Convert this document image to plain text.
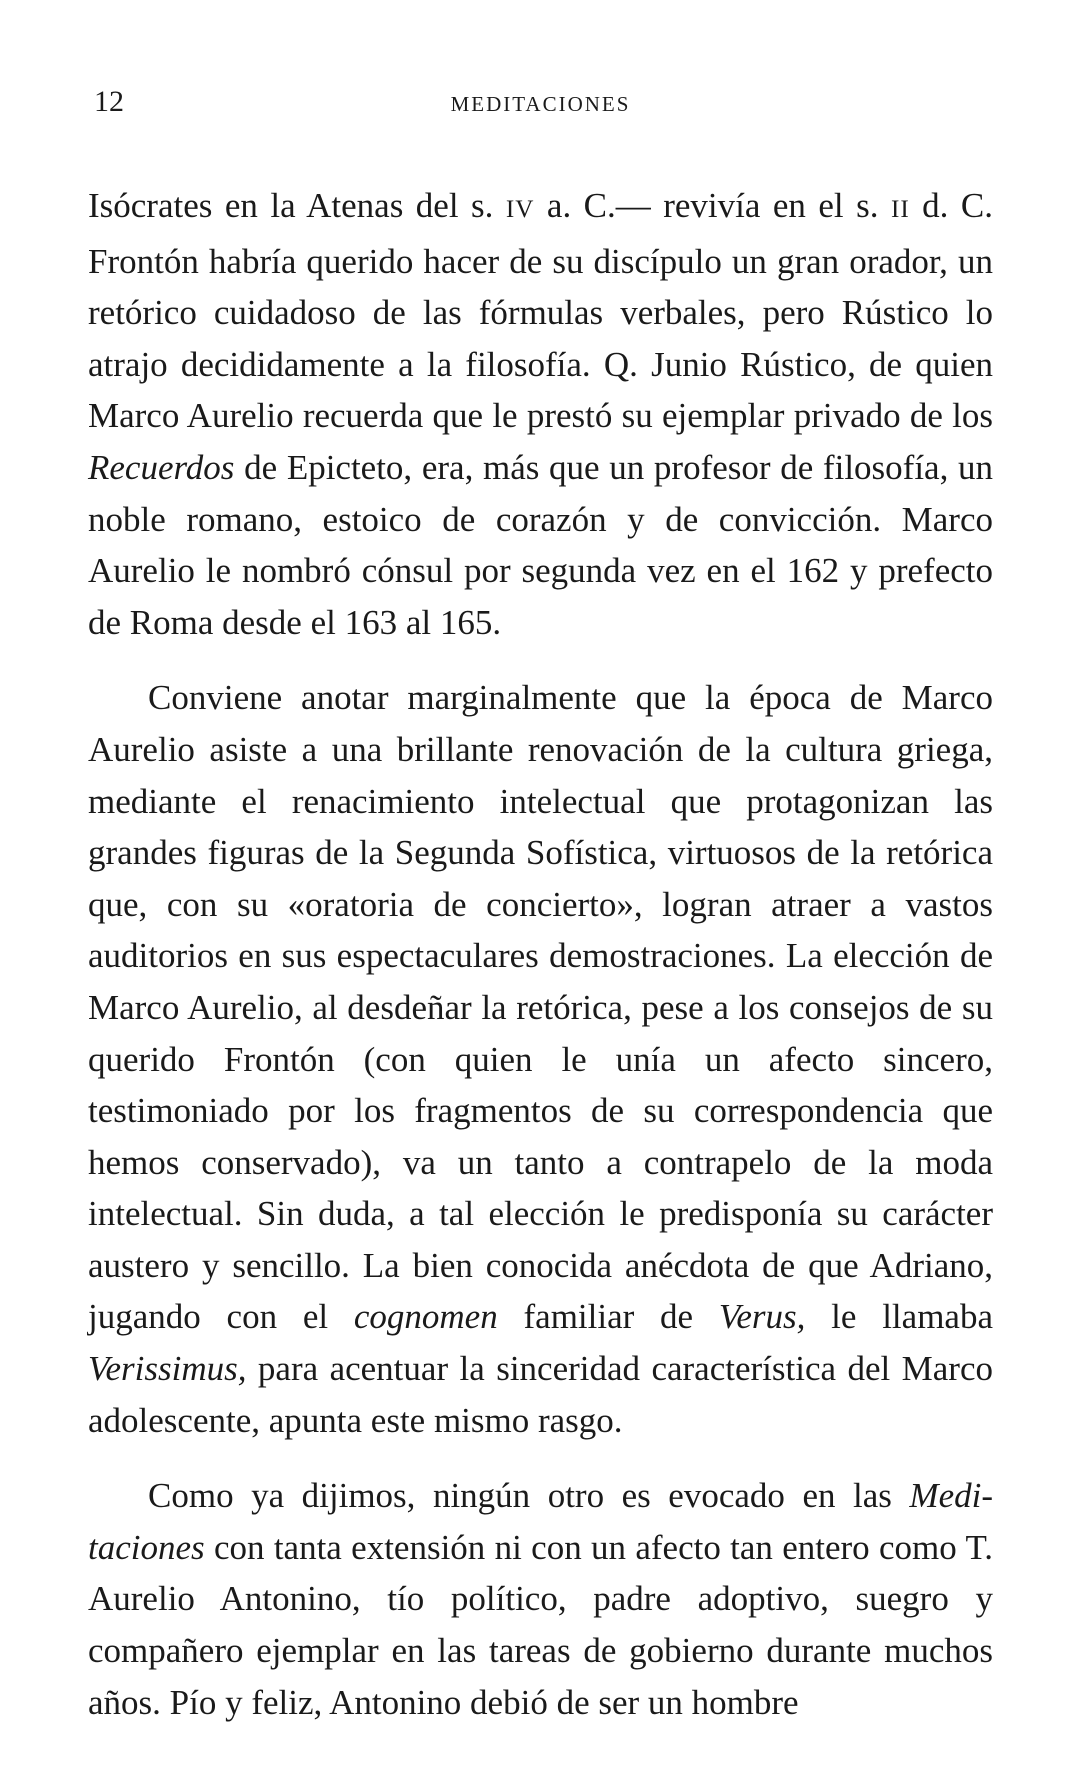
12	MEDITACIONES

Isócrates en la Atenas del s. IV a. C.— revivía en el s. II d. C. Frontón habría querido hacer de su discípulo un gran orador, un retórico cuidadoso de las fórmulas verbales, pero Rústico lo atrajo decididamente a la filosofía. Q. Junio Rústico, de quien Marco Aurelio recuerda que le prestó su ejemplar privado de los Recuerdos de Epicteto, era, más que un profesor de filosofía, un noble romano, estoico de corazón y de convicción. Marco Aurelio le nombró cónsul por segunda vez en el 162 y prefecto de Roma desde el 163 al 165.

Conviene anotar marginalmente que la época de Marco Aurelio asiste a una brillante renovación de la cultura griega, mediante el renacimiento intelectual que protagonizan las grandes figuras de la Segunda Sofística, virtuosos de la retórica que, con su «oratoria de concierto», logran atraer a vastos auditorios en sus espectaculares demostraciones. La elección de Marco Aurelio, al desdeñar la retórica, pese a los consejos de su querido Frontón (con quien le unía un afecto sincero, testimoniado por los fragmentos de su correspondencia que hemos conservado), va un tanto a contrapelo de la moda intelectual. Sin duda, a tal elección le predisponía su carácter austero y sencillo. La bien conocida anécdota de que Adriano, jugando con el cognomen familiar de Verus, le llamaba Verissimus, para acentuar la sinceridad característica del Marco adolescente, apunta este mismo rasgo.

Como ya dijimos, ningún otro es evocado en las Meditaciones con tanta extensión ni con un afecto tan entero como T. Aurelio Antonino, tío político, padre adoptivo, suegro y compañero ejemplar en las tareas de gobierno durante muchos años. Pío y feliz, Antonino debió de ser un hombre
